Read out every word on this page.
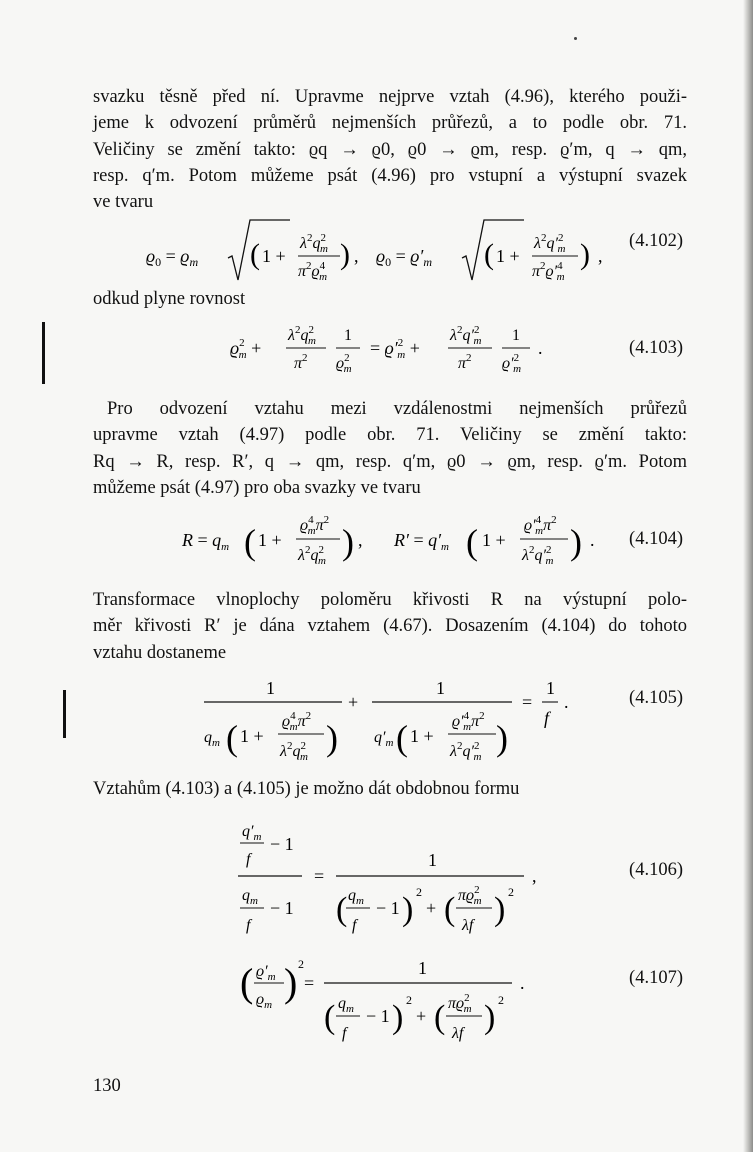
svazku těsně před ní. Upravme nejprve vztah (4.96), kterého použi-

jeme k odvození průměrů nejmenších průřezů, a to podle obr. 71.

Veličiny se změní takto: ϱq → ϱ0, ϱ0 → ϱm, resp. ϱ′m, q → qm,

resp. q′m. Potom můžeme psát (4.96) pro vstupní a výstupní svazek

ve tvaru

$ϱ_0 = ϱ_m$ ( 1 +
$\lambda^2q^2$ m
$\pi^2ϱ^4$ m
) , $ϱ_0 = ϱ'_m$ ( 1 +
$\lambda^2q'^2$ m
$\pi^2ϱ'^4$ m
) ,
(4.102)

odkud plyne rovnost

$ϱ^2$ m +
$\lambda^2q^2$ m
$\pi^2$
1
$ϱ^2$ m
= $ϱ'^2$ m +
$\lambda^2q'^2$ m
$\pi^2$
1
$ϱ'^2$ m
.	(4.103)

Pro odvození vztahu mezi vzdálenostmi nejmenších průřezů

upravme vztah (4.97) podle obr. 71. Veličiny se změní takto:

Rq → R, resp. R′, q → qm, resp. q′m, ϱ0 → ϱm, resp. ϱ′m. Potom

můžeme psát (4.97) pro oba svazky ve tvaru

$R = q_m$ ( 1 +
$ϱ^4$ $m\pi^2$
$\lambda^2q^2$ m ) , $R' = q'_m$ ( 1 +
$ϱ'^4$ $m\pi^2$
$\lambda^2q'^2$ m ) . (4.104)

Transformace vlnoplochy poloměru křivosti R na výstupní polo-

měr křivosti R′ je dána vztahem (4.67). Dosazením (4.104) do tohoto

vztahu dostaneme

1
$q_m$ ( 1 +
$ϱ^4$ $m\pi^2$
$\lambda^2q^2$ m )
+
1
$q'_m$ ( 1 +
$ϱ'^4$ $m\pi^2$
$\lambda^2q'^2$ m )
=
1
f
.	(4.105)

Vztahům (4.103) a (4.105) je možno dát obdobnou formu

$q'_m$
f
− 1
$q_m$
f
− 1
=
1
( $q_m$
f
− 1 ) 2
+ ( $\pi ϱ^2$ m
λf ) 2
,	(4.106)
( $ϱ'_m$
$ϱ_m$ ) 2
=
1
( $q_m$
f
− 1 ) 2
+ ( $\pi ϱ^2$ m
λf ) 2
.	(4.107)
130
